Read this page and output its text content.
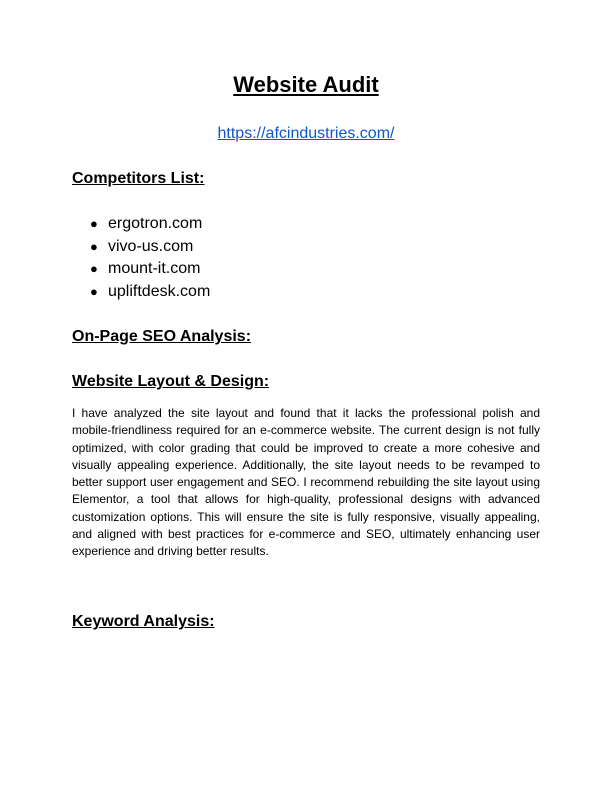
Website Audit
https://afcindustries.com/
Competitors List:
● ergotron.com
● vivo-us.com
● mount-it.com
● upliftdesk.com
On-Page SEO Analysis:
Website Layout & Design:

I have analyzed the site layout and found that it lacks the professional polish and mobile-friendliness required for an e-commerce website. The current design is not fully optimized, with color grading that could be improved to create a more cohesive and visually appealing experience. Additionally, the site layout needs to be revamped to better support user engagement and SEO. I recommend rebuilding the site layout using Elementor, a tool that allows for high-quality, professional designs with advanced customization options. This will ensure the site is fully responsive, visually appealing, and aligned with best practices for e-commerce and SEO, ultimately enhancing user experience and driving better results.

Keyword Analysis:
